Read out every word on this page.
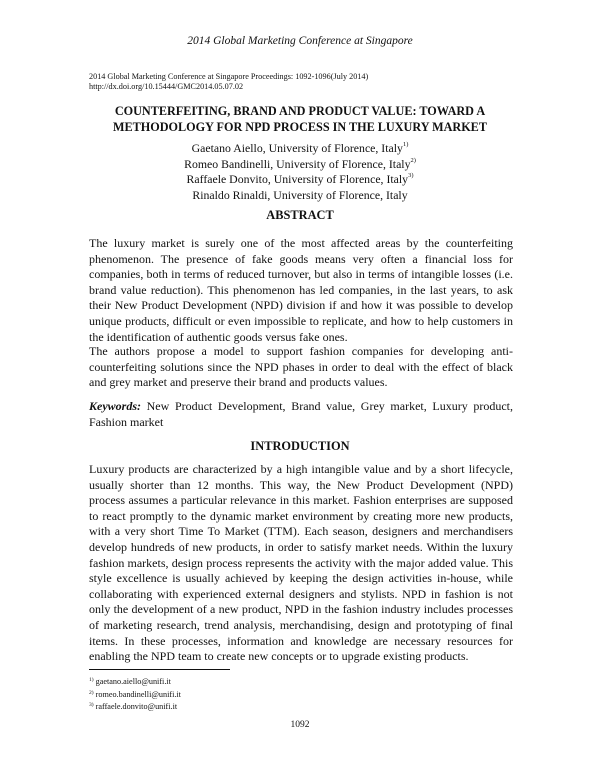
2014 Global Marketing Conference at Singapore
2014 Global Marketing Conference at Singapore Proceedings: 1092-1096(July 2014)
http://dx.doi.org/10.15444/GMC2014.05.07.02
COUNTERFEITING, BRAND AND PRODUCT VALUE: TOWARD A
METHODOLOGY FOR NPD PROCESS IN THE LUXURY MARKET
Gaetano Aiello, University of Florence, Italy$^{1)}$
Romeo Bandinelli, University of Florence, Italy$^{2)}$
Raffaele Donvito, University of Florence, Italy$^{3)}$
Rinaldo Rinaldi, University of Florence, Italy
ABSTRACT

The luxury market is surely one of the most affected areas by the counterfeiting phenomenon. The presence of fake goods means very often a financial loss for companies, both in terms of reduced turnover, but also in terms of intangible losses (i.e. brand value reduction). This phenomenon has led companies, in the last years, to ask their New Product Development (NPD) division if and how it was possible to develop unique products, difficult or even impossible to replicate, and how to help customers in the identification of authentic goods versus fake ones.

The authors propose a model to support fashion companies for developing anti-counterfeiting solutions since the NPD phases in order to deal with the effect of black and grey market and preserve their brand and products values.

Keywords: New Product Development, Brand value, Grey market, Luxury product, Fashion market

INTRODUCTION

Luxury products are characterized by a high intangible value and by a short lifecycle, usually shorter than 12 months. This way, the New Product Development (NPD) process assumes a particular relevance in this market. Fashion enterprises are supposed to react promptly to the dynamic market environment by creating more new products, with a very short Time To Market (TTM). Each season, designers and merchandisers develop hundreds of new products, in order to satisfy market needs. Within the luxury fashion markets, design process represents the activity with the major added value. This style excellence is usually achieved by keeping the design activities in-house, while collaborating with experienced external designers and stylists. NPD in fashion is not only the development of a new product, NPD in the fashion industry includes processes of marketing research, trend analysis, merchandising, design and prototyping of final items. In these processes, information and knowledge are necessary resources for enabling the NPD team to create new concepts or to upgrade existing products.

$^{1)}$ gaetano.aiello@unifi.it
$^{2)}$ romeo.bandinelli@unifi.it
$^{3)}$ raffaele.donvito@unifi.it
1092
